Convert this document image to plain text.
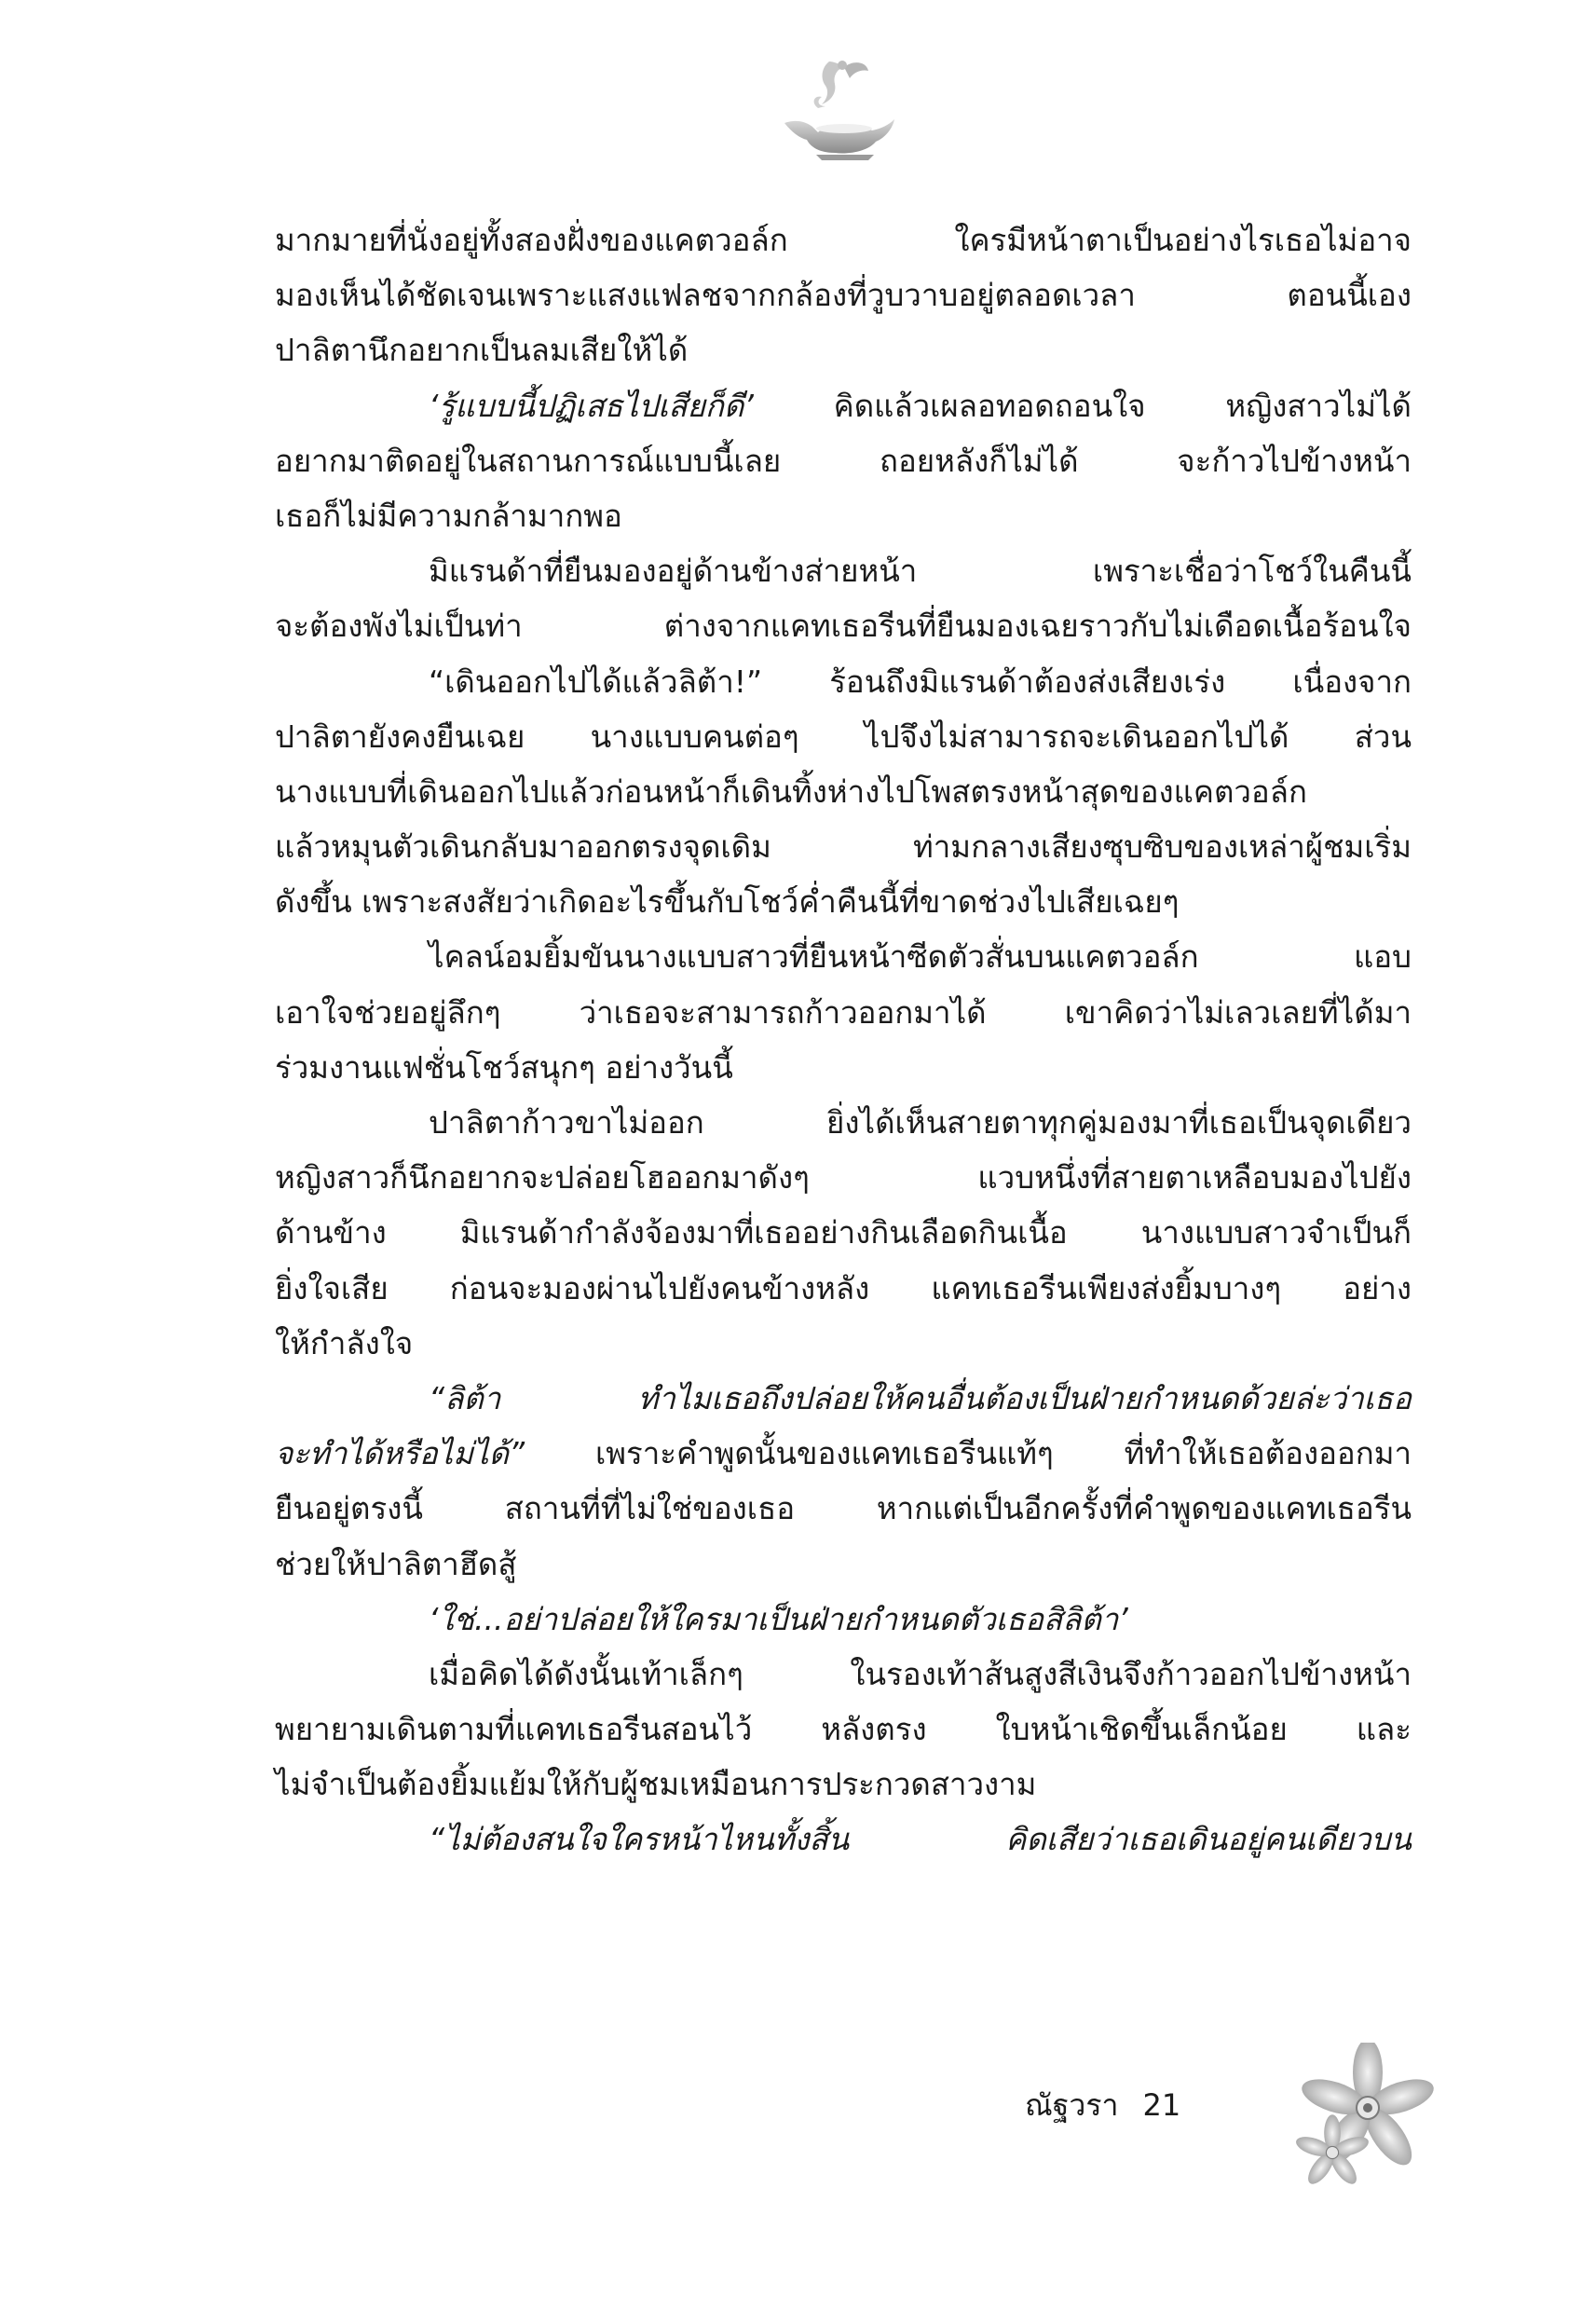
มากมายที่นั่งอยู่ทั้งสองฝั่งของแคตวอล์ก ใครมีหน้าตาเป็นอย่างไรเธอไม่อาจ
มองเห็นได้ชัดเจนเพราะแสงแฟลชจากกล้องที่วูบวาบอยู่ตลอดเวลา ตอนนี้เอง
ปาลิตานึกอยากเป็นลมเสียให้ได้
‘รู้แบบนี้ปฏิเสธไปเสียก็ดี’ คิดแล้วเผลอทอดถอนใจ หญิงสาวไม่ได้
อยากมาติดอยู่ในสถานการณ์แบบนี้เลย ถอยหลังก็ไม่ได้ จะก้าวไปข้างหน้า
เธอก็ไม่มีความกล้ามากพอ
มิแรนด้าที่ยืนมองอยู่ด้านข้างส่ายหน้า เพราะเชื่อว่าโชว์ในคืนนี้
จะต้องพังไม่เป็นท่า ต่างจากแคทเธอรีนที่ยืนมองเฉยราวกับไม่เดือดเนื้อร้อนใจ
“เดินออกไปได้แล้วลิต้า!” ร้อนถึงมิแรนด้าต้องส่งเสียงเร่ง เนื่องจาก
ปาลิตายังคงยืนเฉย นางแบบคนต่อๆ ไปจึงไม่สามารถจะเดินออกไปได้ ส่วน
นางแบบที่เดินออกไปแล้วก่อนหน้าก็เดินทิ้งห่างไปโพสตรงหน้าสุดของแคตวอล์ก
แล้วหมุนตัวเดินกลับมาออกตรงจุดเดิม ท่ามกลางเสียงซุบซิบของเหล่าผู้ชมเริ่ม
ดังขึ้น เพราะสงสัยว่าเกิดอะไรขึ้นกับโชว์ค่ำคืนนี้ที่ขาดช่วงไปเสียเฉยๆ
ไคลน์อมยิ้มขันนางแบบสาวที่ยืนหน้าซีดตัวสั่นบนแคตวอล์ก แอบ
เอาใจช่วยอยู่ลึกๆ ว่าเธอจะสามารถก้าวออกมาได้ เขาคิดว่าไม่เลวเลยที่ได้มา
ร่วมงานแฟชั่นโชว์สนุกๆ อย่างวันนี้
ปาลิตาก้าวขาไม่ออก ยิ่งได้เห็นสายตาทุกคู่มองมาที่เธอเป็นจุดเดียว
หญิงสาวก็นึกอยากจะปล่อยโฮออกมาดังๆ แวบหนึ่งที่สายตาเหลือบมองไปยัง
ด้านข้าง มิแรนด้ากำลังจ้องมาที่เธออย่างกินเลือดกินเนื้อ นางแบบสาวจำเป็นก็
ยิ่งใจเสีย ก่อนจะมองผ่านไปยังคนข้างหลัง แคทเธอรีนเพียงส่งยิ้มบางๆ อย่าง
ให้กำลังใจ
“ลิต้า ทำไมเธอถึงปล่อยให้คนอื่นต้องเป็นฝ่ายกำหนดด้วยล่ะว่าเธอ
จะทำได้หรือไม่ได้” เพราะคำพูดนั้นของแคทเธอรีนแท้ๆ ที่ทำให้เธอต้องออกมา
ยืนอยู่ตรงนี้ สถานที่ที่ไม่ใช่ของเธอ หากแต่เป็นอีกครั้งที่คำพูดของแคทเธอรีน
ช่วยให้ปาลิตาฮึดสู้
‘ใช่...อย่าปล่อยให้ใครมาเป็นฝ่ายกำหนดตัวเธอสิลิต้า’
เมื่อคิดได้ดังนั้นเท้าเล็กๆ ในรองเท้าส้นสูงสีเงินจึงก้าวออกไปข้างหน้า
พยายามเดินตามที่แคทเธอรีนสอนไว้ หลังตรง ใบหน้าเชิดขึ้นเล็กน้อย และ
ไม่จำเป็นต้องยิ้มแย้มให้กับผู้ชมเหมือนการประกวดสาวงาม
“ไม่ต้องสนใจใครหน้าไหนทั้งสิ้น คิดเสียว่าเธอเดินอยู่คนเดียวบน
ณัฐวรา 21
